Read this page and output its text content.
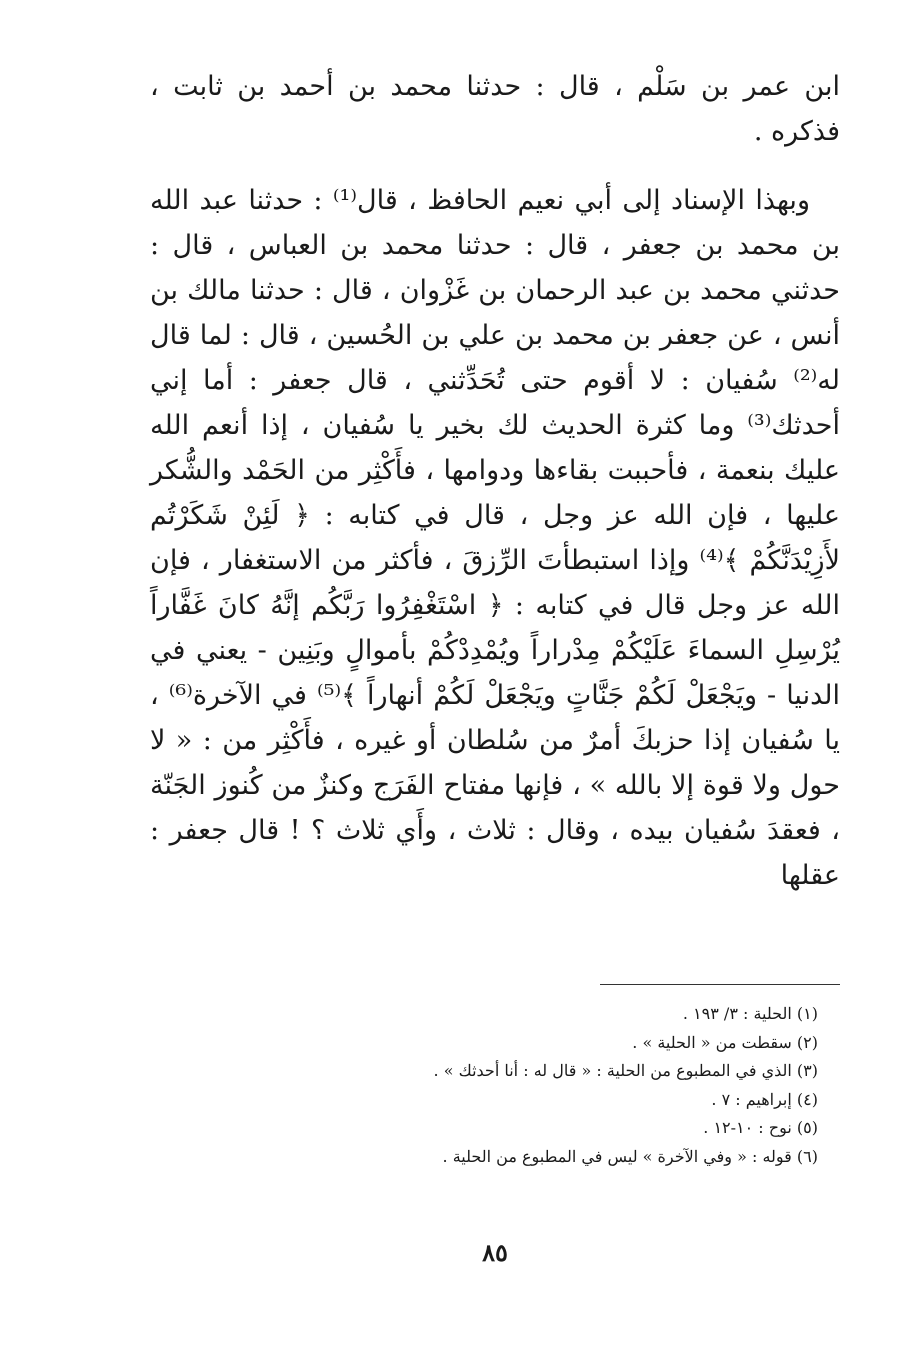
ابن عمر بن سَلْم ، قال : حدثنا محمد بن أحمد بن ثابت ، فذكره .

وبهذا الإسناد إلى أبي نعيم الحافظ ، قال⁽¹⁾ : حدثنا عبد الله بن محمد بن جعفر ، قال : حدثنا محمد بن العباس ، قال : حدثني محمد بن عبد الرحمان بن غَزْوان ، قال : حدثنا مالك بن أنس ، عن جعفر بن محمد بن علي بن الحُسين ، قال : لما قال له⁽²⁾ سُفيان : لا أقوم حتى تُحَدِّثني ، قال جعفر : أما إني أحدثك⁽³⁾ وما كثرة الحديث لك بخير يا سُفيان ، إذا أنعم الله عليك بنعمة ، فأحببت بقاءها ودوامها ، فأَكْثِر من الحَمْد والشُّكر عليها ، فإن الله عز وجل ، قال في كتابه : ﴿ لَئِنْ شَكَرْتُم لأَزِيْدَنَّكُمْ ﴾⁽⁴⁾ وإذا استبطأتَ الرِّزقَ ، فأكثر من الاستغفار ، فإن الله عز وجل قال في كتابه : ﴿ اسْتَغْفِرُوا رَبَّكُم إنَّهُ كانَ غَفَّاراً يُرْسِلِ السماءَ عَلَيْكُمْ مِدْراراً ويُمْدِدْكُمْ بأموالٍ وبَنِين - يعني في الدنيا - ويَجْعَلْ لَكُمْ جَنَّاتٍ ويَجْعَلْ لَكُمْ أنهاراً ﴾⁽⁵⁾ في الآخرة⁽⁶⁾ ، يا سُفيان إذا حزبكَ أمرٌ من سُلطان أو غيره ، فأَكْثِر من : « لا حول ولا قوة إلا بالله » ، فإنها مفتاح الفَرَج وكنزٌ من كُنوز الجَنّة ، فعقدَ سُفيان بيده ، وقال : ثلاث ، وأَي ثلاث ؟ ! قال جعفر : عقلها

(١) الحلية : ٣/ ١٩٣ .
(٢) سقطت من « الحلية » .
(٣) الذي في المطبوع من الحلية : « قال له : أنا أحدثك » .
(٤) إبراهيم : ٧ .
(٥) نوح : ١٠-١٢ .
(٦) قوله : « وفي الآخرة » ليس في المطبوع من الحلية .
٨٥
